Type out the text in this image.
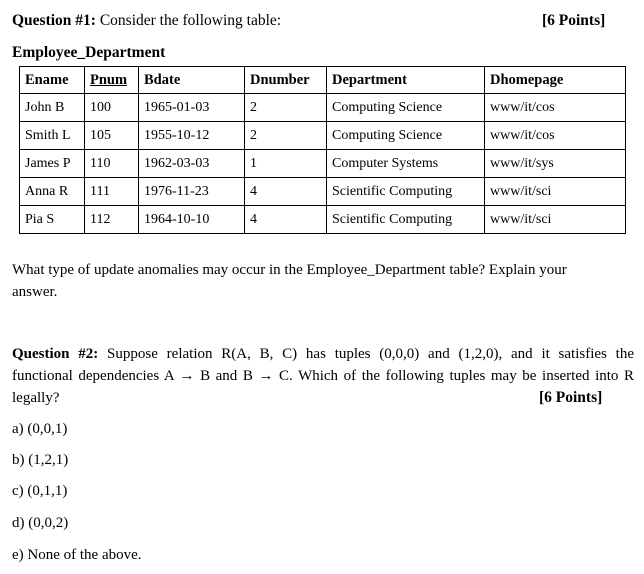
Question #1: Consider the following table:	[6 Points]
Employee_Department
Ename	Pnum	Bdate	Dnumber	Department	Dhomepage
John B	100	1965-01-03	2	Computing Science	www/it/cos
Smith L	105	1955-10-12	2	Computing Science	www/it/cos
James P	110	1962-03-03	1	Computer Systems	www/it/sys
Anna R	111	1976-11-23	4	Scientific Computing	www/it/sci
Pia S	112	1964-10-10	4	Scientific Computing	www/it/sci
What type of update anomalies may occur in the Employee_Department table? Explain your
answer.
Question #2: Suppose relation R(A, B, C) has tuples (0,0,0) and (1,2,0), and it satisfies the
functional dependencies A → B and B → C. Which of the following tuples may be inserted into R
legally?	[6 Points]
a) (0,0,1)
b) (1,2,1)
c) (0,1,1)
d) (0,0,2)
e) None of the above.
